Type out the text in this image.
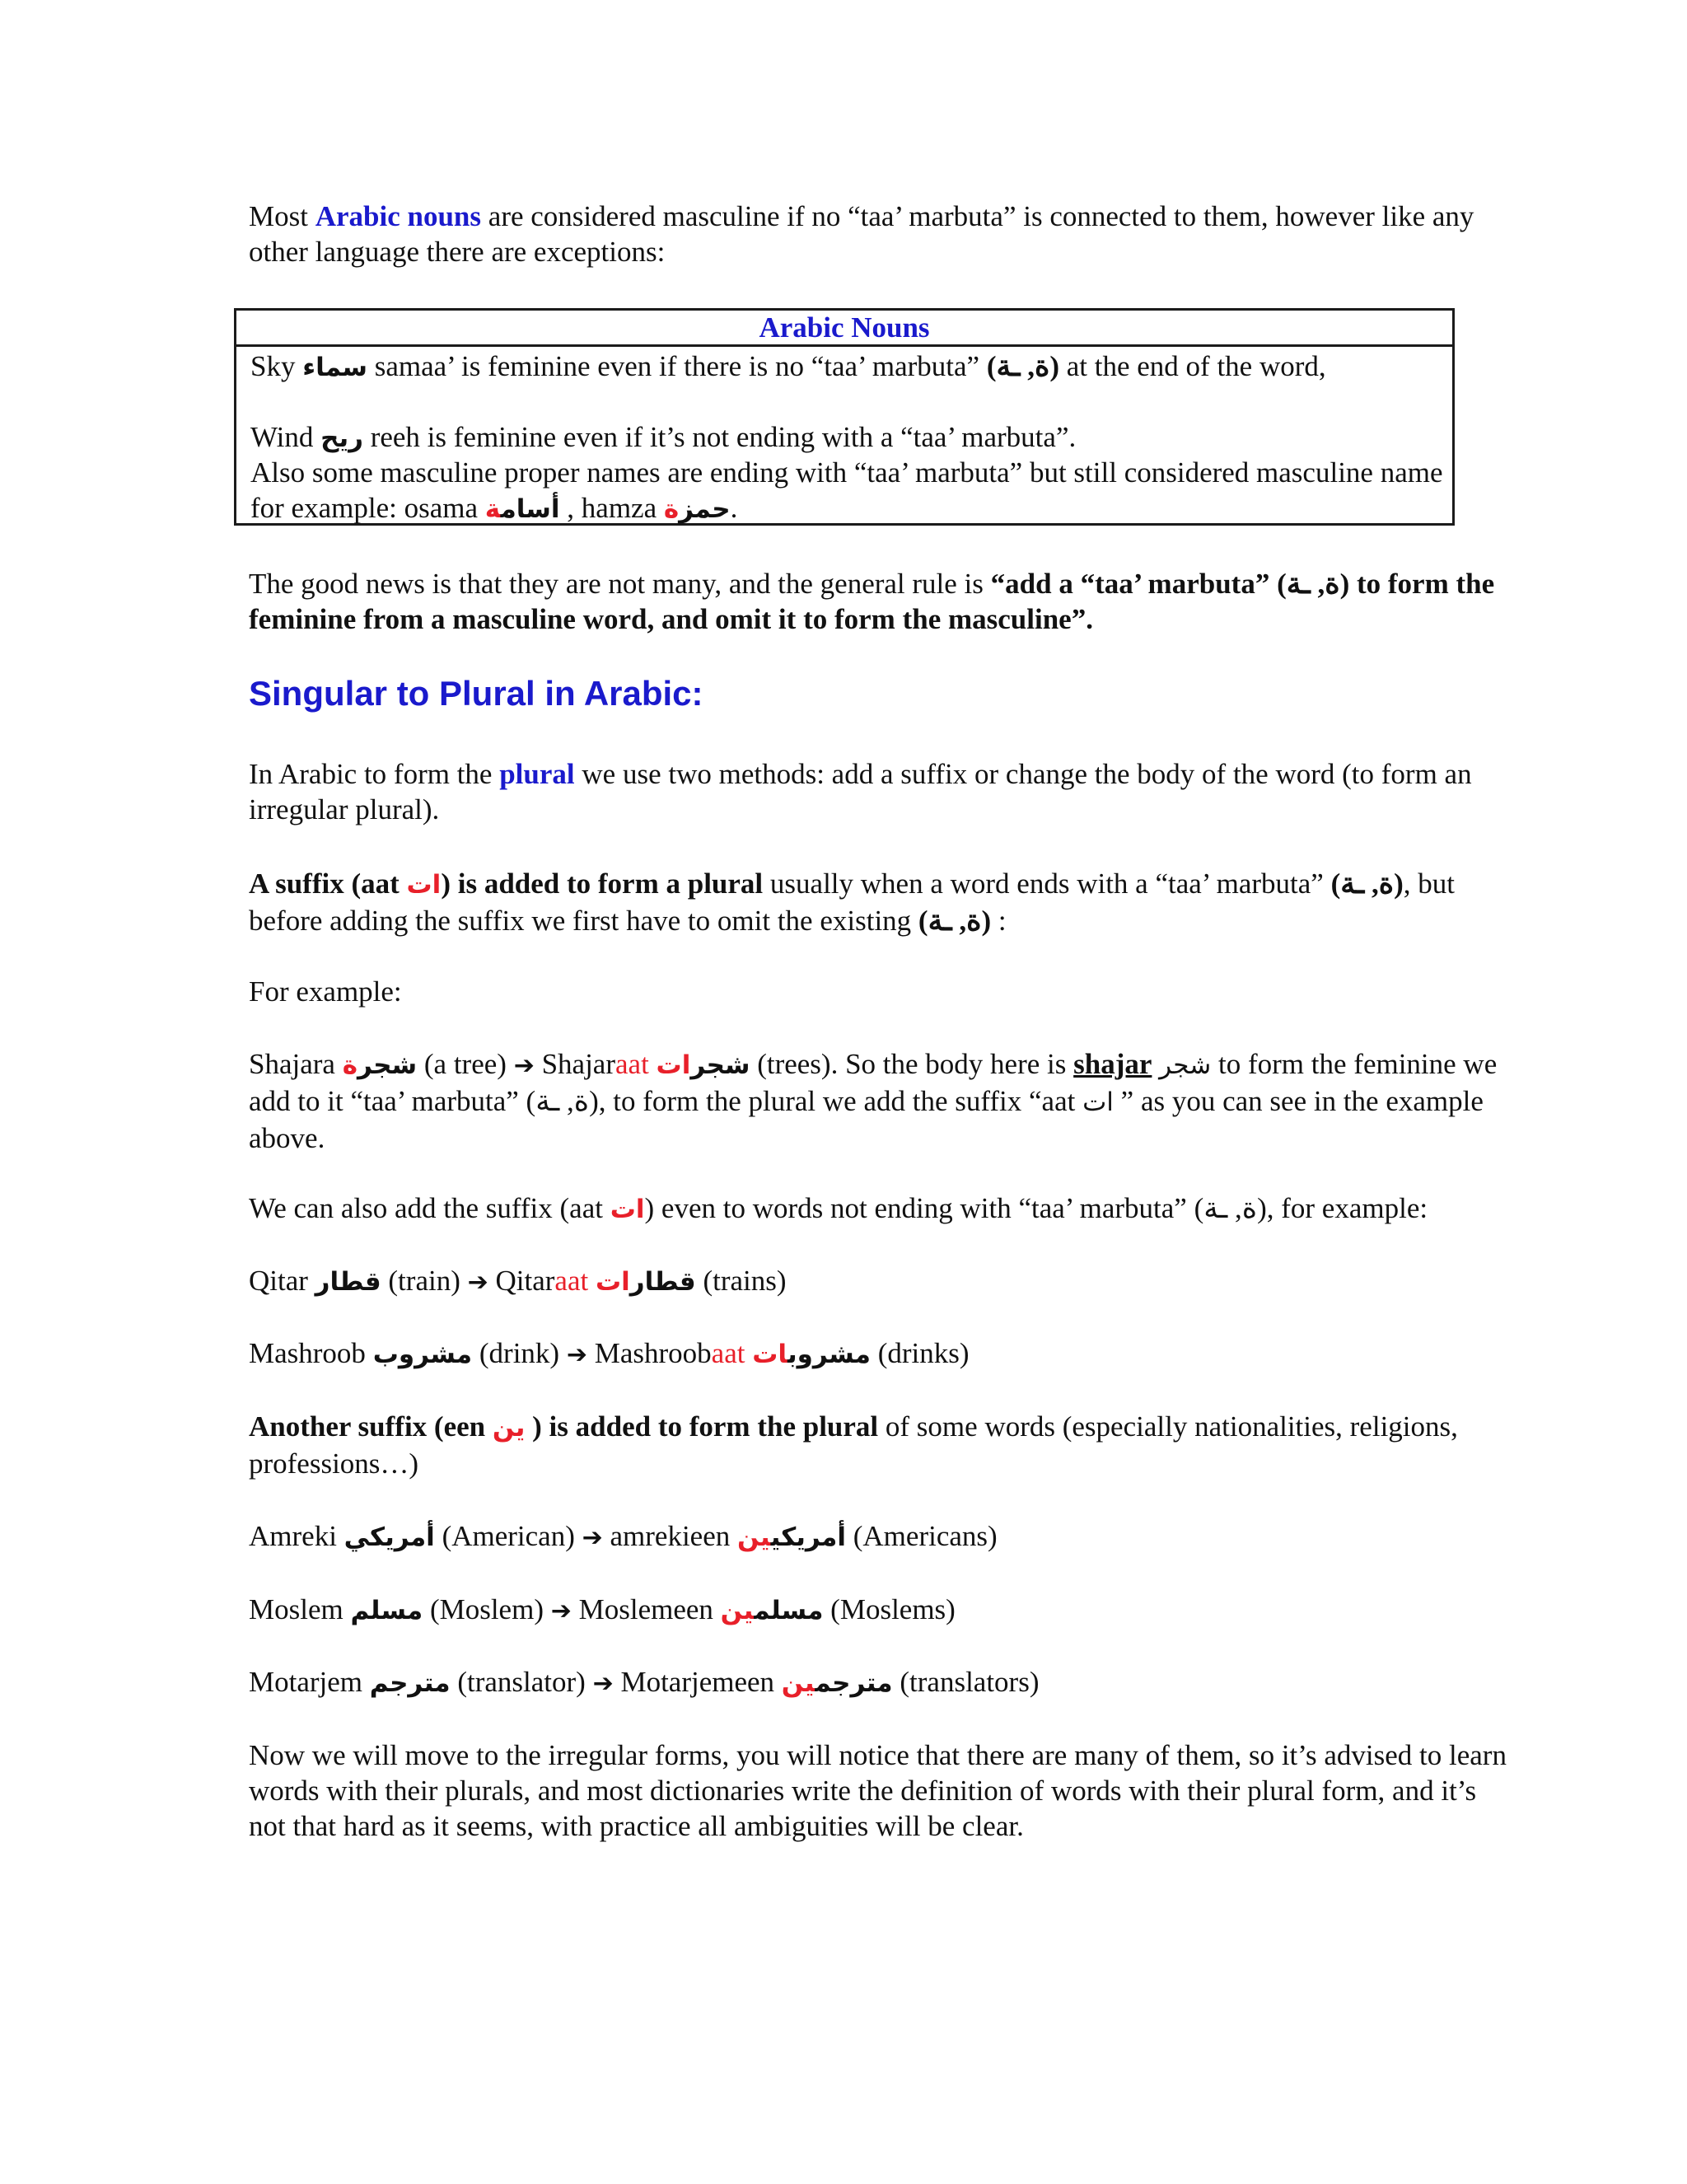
Most Arabic nouns are considered masculine if no “taa’ marbuta” is connected to them, however like any other language there are exceptions:

Arabic Nouns
Sky سماء samaa’ is feminine even if there is no “taa’ marbuta” (ة, ـة) at the end of the word,
Wind ريح reeh is feminine even if it’s not ending with a “taa’ marbuta”.
Also some masculine proper names are ending with “taa’ marbuta” but still considered masculine name for example: osama أسامة , hamza حمزة .

The good news is that they are not many, and the general rule is “add a “taa’ marbuta” (ة, ـة) to form the feminine from a masculine word, and omit it to form the masculine”.

Singular to Plural in Arabic:

In Arabic to form the plural we use two methods: add a suffix or change the body of the word (to form an irregular plural).

A suffix (aat ات) is added to form a plural usually when a word ends with a “taa’ marbuta” (ة, ـة), but before adding the suffix we first have to omit the existing (ة, ـة) :

For example:

Shajara شجرة (a tree) ➔ Shajaraat شجرات (trees). So the body here is shajar شجر to form the feminine we add to it “taa’ marbuta” (ة, ـة), to form the plural we add the suffix “aat ات ” as you can see in the example above.

We can also add the suffix (aat ات) even to words not ending with “taa’ marbuta” (ة, ـة), for example:

Qitar قطار (train) ➔ Qitaraat قطارات (trains)

Mashroob مشروب (drink) ➔ Mashroobaat مشروبات	(drinks)

Another suffix (een ين ) is added to form the plural of some words (especially nationalities, religions, professions…)

Amreki أمريكي (American) ➔ amrekieen أمريكيين	(Americans)

Moslem مسلم (Moslem) ➔ Moslemeen مسلمين (Moslems)

Motarjem مترجم (translator) ➔ Motarjemeen مترجمين	(translators)

Now we will move to the irregular forms, you will notice that there are many of them, so it’s advised to learn words with their plurals, and most dictionaries write the definition of words with their plural form, and it’s not that hard as it seems, with practice all ambiguities will be clear.
